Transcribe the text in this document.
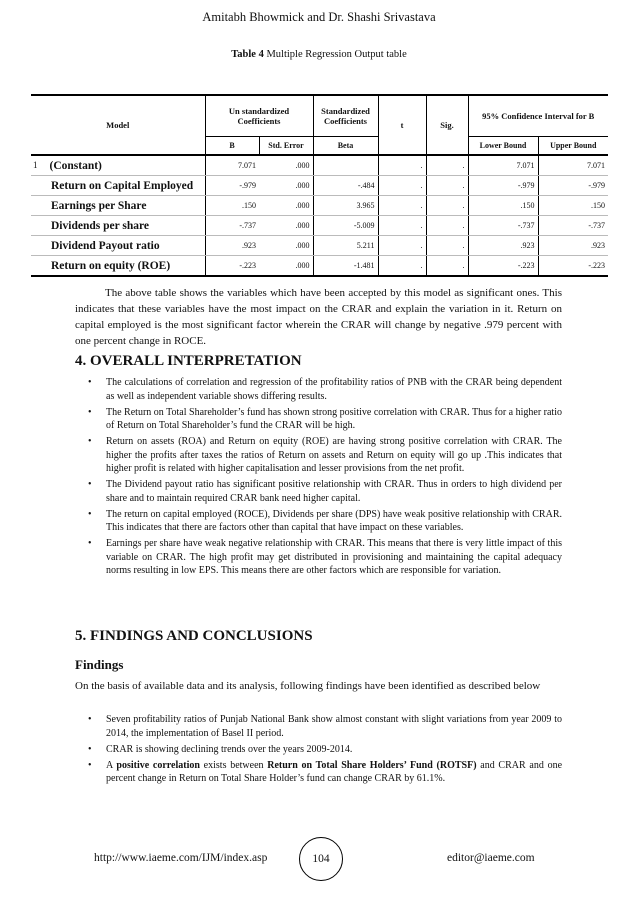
Amitabh Bhowmick and Dr. Shashi Srivastava
Table 4 Multiple Regression Output table
Model	Un standardized Coefficients		Standardized Coefficients	t	Sig.	95% Confidence Interval for B	
	B	Std. Error	Beta			Lower Bound	Upper Bound
$^1$ (Constant)	7.071	.000		.	.	7.071	7.071
Return on Capital Employed	-.979	.000	-.484	.	.	-.979	-.979
Earnings per Share	.150	.000	3.965	.	.	.150	.150
Dividends per share	-.737	.000	-5.009	.	.	-.737	-.737
Dividend Payout ratio	.923	.000	5.211	.	.	.923	.923
Return on equity (ROE)	-.223	.000	-1.481	.	.	-.223	-.223
The above table shows the variables which have been accepted by this model as significant ones. This indicates that these variables have the most impact on the CRAR and explain the variation in it. Return on capital employed is the most significant factor wherein the CRAR will change by negative .979 percent with one percent change in ROCE.
4. OVERALL INTERPRETATION
• The calculations of correlation and regression of the profitability ratios of PNB with the CRAR being dependent as well as independent variable shows differing results.
• The Return on Total Shareholder’s fund has shown strong positive correlation with CRAR. Thus for a higher ratio of Return on Total Shareholder’s fund the CRAR will be high.
• Return on assets (ROA) and Return on equity (ROE) are having strong positive correlation with CRAR. The higher the profits after taxes the ratios of Return on assets and Return on equity will go up .This indicates that higher profit is related with higher capitalisation and lesser provisions from the net profit.
• The Dividend payout ratio has significant positive relationship with CRAR. Thus in orders to high dividend per share and to maintain required CRAR bank need higher capital.
• The return on capital employed (ROCE), Dividends per share (DPS) have weak positive relationship with CRAR. This indicates that there are factors other than capital that have impact on these variables.
• Earnings per share have weak negative relationship with CRAR. This means that there is very little impact of this variable on CRAR. The high profit may get distributed in provisioning and maintaining the capital adequacy norms resulting in low EPS. This means there are other factors which are responsible for variation.
5. FINDINGS AND CONCLUSIONS
Findings
On the basis of available data and its analysis, following findings have been identified as described below
• Seven profitability ratios of Punjab National Bank show almost constant with slight variations from year 2009 to 2014, the implementation of Basel II period.
• CRAR is showing declining trends over the years 2009-2014.
• A positive correlation exists between Return on Total Share Holders’ Fund (ROTSF) and CRAR and one percent change in Return on Total Share Holder’s fund can change CRAR by 61.1%.
http://www.iaeme.com/IJM/index.asp	104	editor@iaeme.com
